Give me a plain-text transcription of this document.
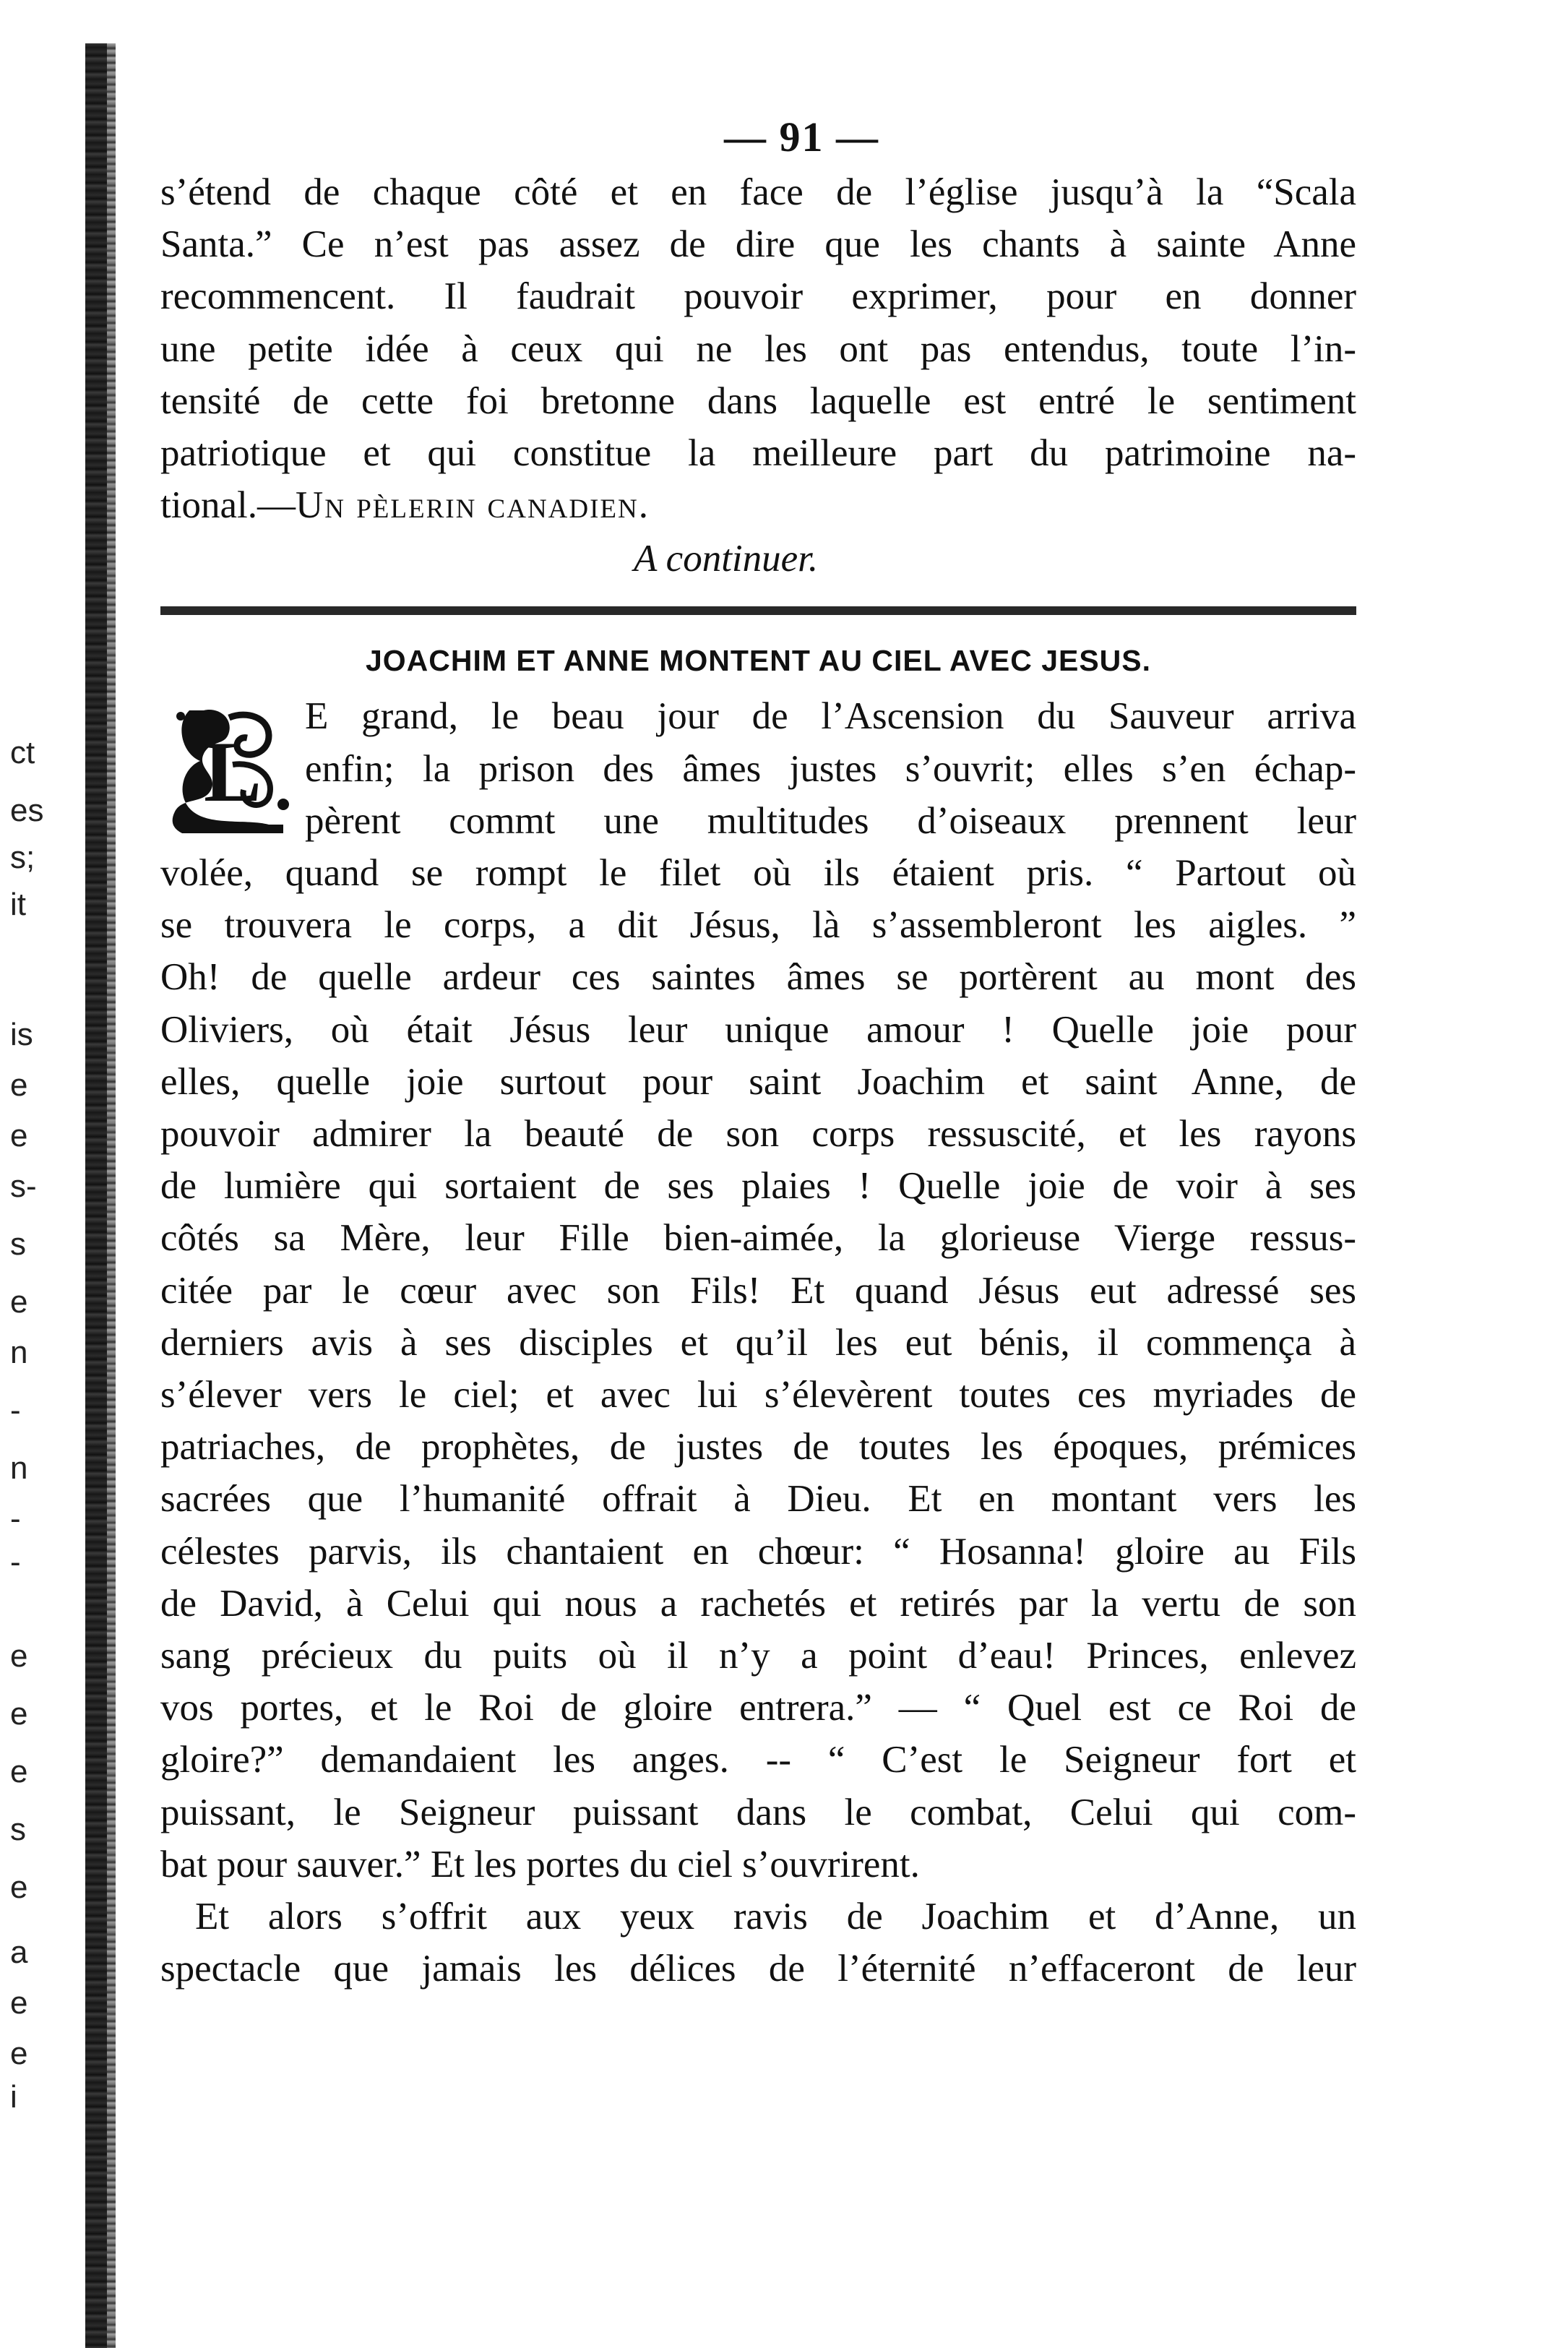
ct
es
s;
it
is
e
e
s-
s
e
n
-
n
-
-
e
e
e
s
e
a
e
e
i
— 91 —
s’étend de chaque côté et en face de l’église jusqu’à la “Scala
Santa.” Ce n’est pas assez de dire que les chants à sainte Anne
recommencent. Il faudrait pouvoir exprimer, pour en donner
une petite idée à ceux qui ne les ont pas entendus, toute l’in-
tensité de cette foi bretonne dans laquelle est entré le sentiment
patriotique et qui constitue la meilleure part du patrimoine na-
tional.—Un pèlerin canadien.
A continuer.
JOACHIM ET ANNE MONTENT AU CIEL AVEC JESUS.
L
E grand, le beau jour de l’Ascension du Sauveur arriva
enfin; la prison des âmes justes s’ouvrit; elles s’en échap-
pèrent commt une multitudes d’oiseaux prennent leur
volée, quand se rompt le filet où ils étaient pris. “ Partout où
se trouvera le corps, a dit Jésus, là s’assembleront les aigles. ”
Oh! de quelle ardeur ces saintes âmes se portèrent au mont des
Oliviers, où était Jésus leur unique amour ! Quelle joie pour
elles, quelle joie surtout pour saint Joachim et saint Anne, de
pouvoir admirer la beauté de son corps ressuscité, et les rayons
de lumière qui sortaient de ses plaies ! Quelle joie de voir à ses
côtés sa Mère, leur Fille bien-aimée, la glorieuse Vierge ressus-
citée par le cœur avec son Fils! Et quand Jésus eut adressé ses
derniers avis à ses disciples et qu’il les eut bénis, il commença à
s’élever vers le ciel; et avec lui s’élevèrent toutes ces myriades de
patriaches, de prophètes, de justes de toutes les époques, prémices
sacrées que l’humanité offrait à Dieu. Et en montant vers les
célestes parvis, ils chantaient en chœur: “ Hosanna! gloire au Fils
de David, à Celui qui nous a rachetés et retirés par la vertu de son
sang précieux du puits où il n’y a point d’eau! Princes, enlevez
vos portes, et le Roi de gloire entrera.” — “ Quel est ce Roi de
gloire?” demandaient les anges. -- “ C’est le Seigneur fort et
puissant, le Seigneur puissant dans le combat, Celui qui com-
bat pour sauver.” Et les portes du ciel s’ouvrirent.
Et alors s’offrit aux yeux ravis de Joachim et d’Anne, un
spectacle que jamais les délices de l’éternité n’effaceront de leur
